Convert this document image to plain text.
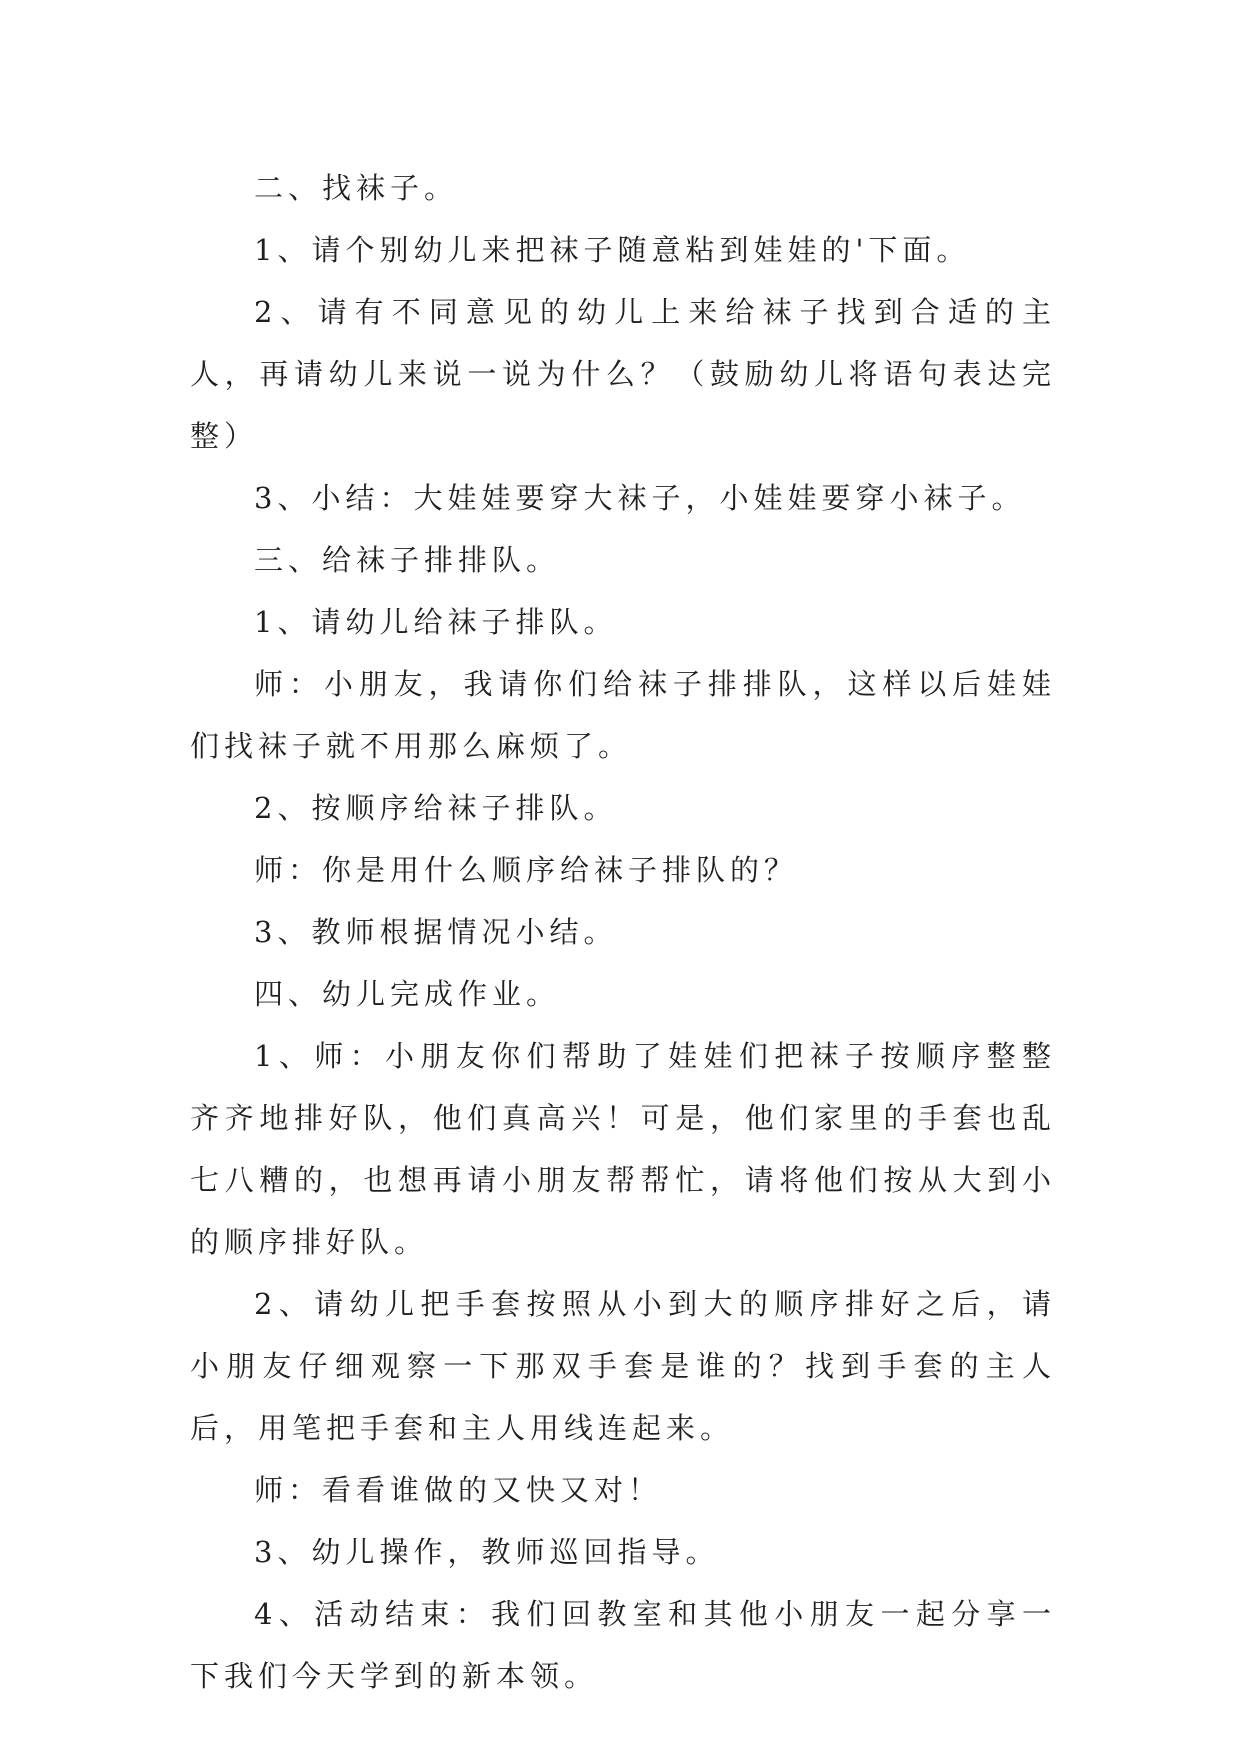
二、找袜子。

1、请个别幼儿来把袜子随意粘到娃娃的'下面。

2、请有不同意见的幼儿上来给袜子找到合适的主人，再请幼儿来说一说为什么？（鼓励幼儿将语句表达完整）

3、小结：大娃娃要穿大袜子，小娃娃要穿小袜子。

三、给袜子排排队。

1、请幼儿给袜子排队。

师：小朋友，我请你们给袜子排排队，这样以后娃娃们找袜子就不用那么麻烦了。

2、按顺序给袜子排队。

师：你是用什么顺序给袜子排队的？

3、教师根据情况小结。

四、幼儿完成作业。

1、师：小朋友你们帮助了娃娃们把袜子按顺序整整齐齐地排好队，他们真高兴！可是，他们家里的手套也乱七八糟的，也想再请小朋友帮帮忙，请将他们按从大到小的顺序排好队。

2、请幼儿把手套按照从小到大的顺序排好之后，请小朋友仔细观察一下那双手套是谁的？找到手套的主人后，用笔把手套和主人用线连起来。

师：看看谁做的又快又对！

3、幼儿操作，教师巡回指导。

4、活动结束：我们回教室和其他小朋友一起分享一下我们今天学到的新本领。
